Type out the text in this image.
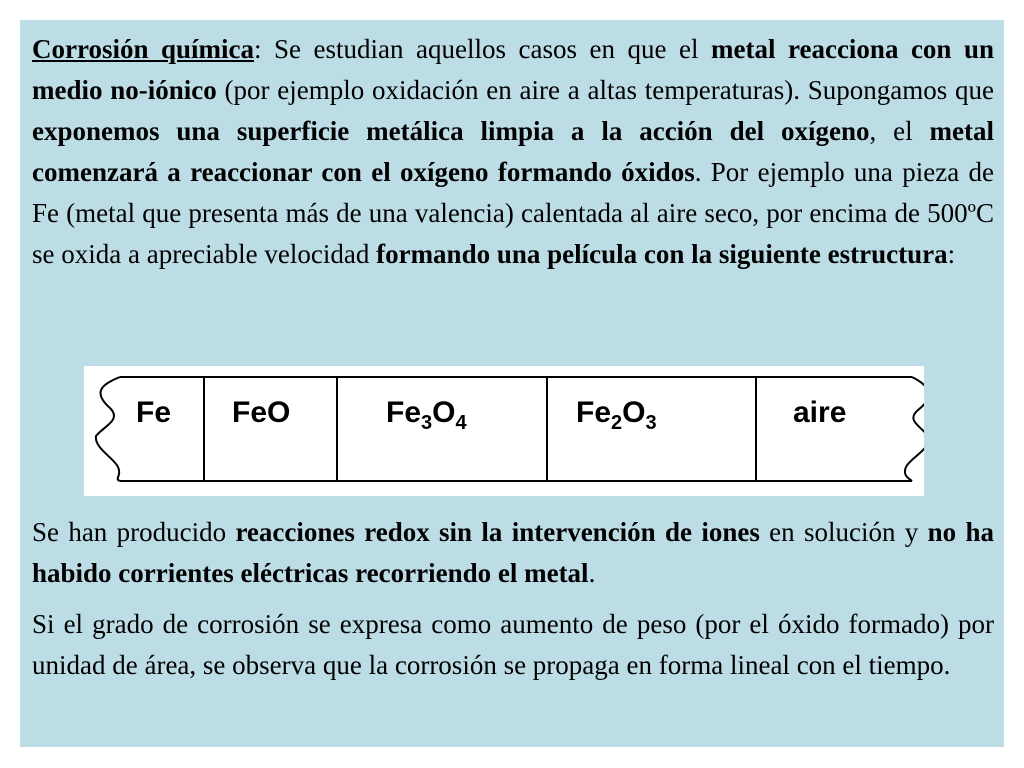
Corrosión química: Se estudian aquellos casos en que el metal reacciona con un medio no-iónico (por ejemplo oxidación en aire a altas temperaturas). Supongamos que exponemos una superficie metálica limpia a la acción del oxígeno, el metal comenzará a reaccionar con el oxígeno formando óxidos. Por ejemplo una pieza de Fe (metal que presenta más de una valencia) calentada al aire seco, por encima de 500ºC se oxida a apreciable velocidad formando una película con la siguiente estructura:

Fe FeO	$Fe_3O_4$	$Fe_2O_3$	aire

Se han producido reacciones redox sin la intervención de iones en solución y no ha habido corrientes eléctricas recorriendo el metal.

Si el grado de corrosión se expresa como aumento de peso (por el óxido formado) por unidad de área, se observa que la corrosión se propaga en forma lineal con el tiempo.
